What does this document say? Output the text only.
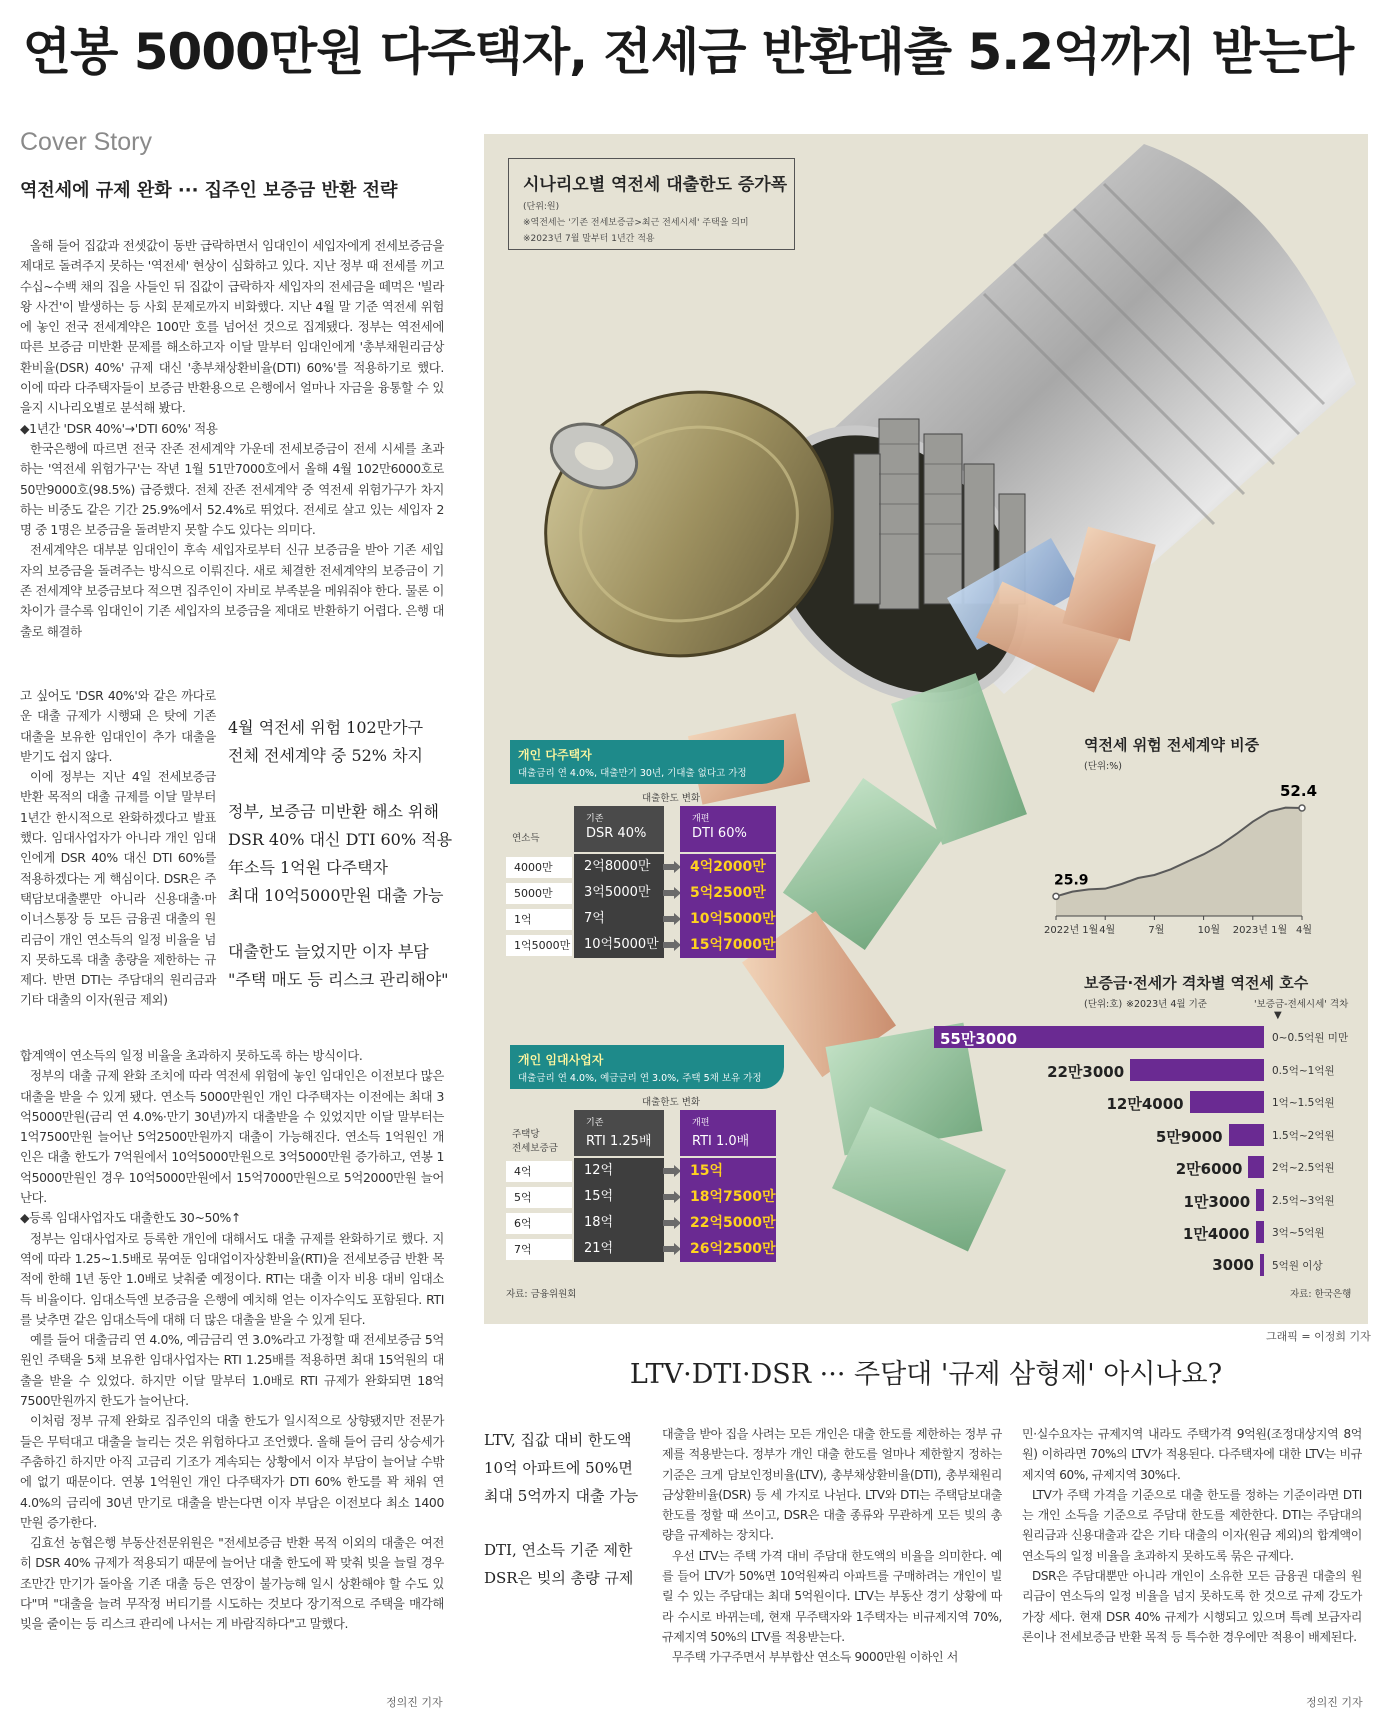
연봉 5000만원 다주택자, 전세금 반환대출 5.2억까지 받는다
Cover Story
역전세에 규제 완화 ··· 집주인 보증금 반환 전략

올해 들어 집값과 전셋값이 동반 급락하면서 임대인이 세입자에게 전세보증금을 제대로 돌려주지 못하는 '역전세' 현상이 심화하고 있다. 지난 정부 때 전세를 끼고 수십~수백 채의 집을 사들인 뒤 집값이 급락하자 세입자의 전세금을 떼먹은 '빌라왕 사건'이 발생하는 등 사회 문제로까지 비화했다. 지난 4월 말 기준 역전세 위험에 놓인 전국 전세계약은 100만 호를 넘어선 것으로 집계됐다. 정부는 역전세에 따른 보증금 미반환 문제를 해소하고자 이달 말부터 임대인에게 '총부채원리금상환비율(DSR) 40%' 규제 대신 '총부채상환비율(DTI) 60%'를 적용하기로 했다. 이에 따라 다주택자들이 보증금 반환용으로 은행에서 얼마나 자금을 융통할 수 있을지 시나리오별로 분석해 봤다.

◆1년간 'DSR 40%'→'DTI 60%' 적용

한국은행에 따르면 전국 잔존 전세계약 가운데 전세보증금이 전세 시세를 초과하는 '역전세 위험가구'는 작년 1월 51만7000호에서 올해 4월 102만6000호로 50만9000호(98.5%) 급증했다. 전체 잔존 전세계약 중 역전세 위험가구가 차지하는 비중도 같은 기간 25.9%에서 52.4%로 뛰었다. 전세로 살고 있는 세입자 2명 중 1명은 보증금을 돌려받지 못할 수도 있다는 의미다.

전세계약은 대부분 임대인이 후속 세입자로부터 신규 보증금을 받아 기존 세입자의 보증금을 돌려주는 방식으로 이뤄진다. 새로 체결한 전세계약의 보증금이 기존 전세계약 보증금보다 적으면 집주인이 자비로 부족분을 메워줘야 한다. 물론 이 차이가 클수록 임대인이 기존 세입자의 보증금을 제대로 반환하기 어렵다. 은행 대출로 해결하

고 싶어도 'DSR 40%'와 같은 까다로운 대출 규제가 시행돼 은 탓에 기존 대출을 보유한 임대인이 추가 대출을 받기도 쉽지 않다.

이에 정부는 지난 4일 전세보증금 반환 목적의 대출 규제를 이달 말부터 1년간 한시적으로 완화하겠다고 발표했다. 임대사업자가 아니라 개인 임대인에게 DSR 40% 대신 DTI 60%를 적용하겠다는 게 핵심이다. DSR은 주택담보대출뿐만 아니라 신용대출·마이너스통장 등 모든 금융권 대출의 원리금이 개인 연소득의 일정 비율을 넘지 못하도록 대출 총량을 제한하는 규제다. 반면 DTI는 주담대의 원리금과 기타 대출의 이자(원금 제외)

4월 역전세 위험 102만가구
전체 전세계약 중 52% 차지
정부, 보증금 미반환 해소 위해
DSR 40% 대신 DTI 60% 적용
年소득 1억원 다주택자
최대 10억5000만원 대출 가능
대출한도 늘었지만 이자 부담
"주택 매도 등 리스크 관리해야"

합계액이 연소득의 일정 비율을 초과하지 못하도록 하는 방식이다.

정부의 대출 규제 완화 조치에 따라 역전세 위험에 놓인 임대인은 이전보다 많은 대출을 받을 수 있게 됐다. 연소득 5000만원인 개인 다주택자는 이전에는 최대 3억5000만원(금리 연 4.0%·만기 30년)까지 대출받을 수 있었지만 이달 말부터는 1억7500만원 늘어난 5억2500만원까지 대출이 가능해진다. 연소득 1억원인 개인은 대출 한도가 7억원에서 10억5000만원으로 3억5000만원 증가하고, 연봉 1억5000만원인 경우 10억5000만원에서 15억7000만원으로 5억2000만원 늘어난다.

◆등록 임대사업자도 대출한도 30~50%↑

정부는 임대사업자로 등록한 개인에 대해서도 대출 규제를 완화하기로 했다. 지역에 따라 1.25~1.5배로 묶여둔 임대업이자상환비율(RTI)을 전세보증금 반환 목적에 한해 1년 동안 1.0배로 낮춰줄 예정이다. RTI는 대출 이자 비용 대비 임대소득 비율이다. 임대소득엔 보증금을 은행에 예치해 얻는 이자수익도 포함된다. RTI를 낮추면 같은 임대소득에 대해 더 많은 대출을 받을 수 있게 된다.

예를 들어 대출금리 연 4.0%, 예금금리 연 3.0%라고 가정할 때 전세보증금 5억원인 주택을 5채 보유한 임대사업자는 RTI 1.25배를 적용하면 최대 15억원의 대출을 받을 수 있었다. 하지만 이달 말부터 1.0배로 RTI 규제가 완화되면 18억7500만원까지 한도가 늘어난다.

이처럼 정부 규제 완화로 집주인의 대출 한도가 일시적으로 상향됐지만 전문가들은 무턱대고 대출을 늘리는 것은 위험하다고 조언했다. 올해 들어 금리 상승세가 주춤하긴 하지만 아직 고금리 기조가 계속되는 상황에서 이자 부담이 늘어날 수밖에 없기 때문이다. 연봉 1억원인 개인 다주택자가 DTI 60% 한도를 꽉 채워 연 4.0%의 금리에 30년 만기로 대출을 받는다면 이자 부담은 이전보다 최소 1400만원 증가한다.

김효선 농협은행 부동산전문위원은 "전세보증금 반환 목적 이외의 대출은 여전히 DSR 40% 규제가 적용되기 때문에 늘어난 대출 한도에 꽉 맞춰 빚을 늘릴 경우 조만간 만기가 돌아올 기존 대출 등은 연장이 불가능해 일시 상환해야 할 수도 있다"며 "대출을 늘려 무작정 버티기를 시도하는 것보다 장기적으로 주택을 매각해 빚을 줄이는 등 리스크 관리에 나서는 게 바람직하다"고 말했다.

정의진 기자
시나리오별 역전세 대출한도 증가폭
(단위:원)
※역전세는 '기존 전세보증금>최근 전세시세' 주택을 의미
※2023년 7월 말부터 1년간 적용
개인 다주택자
대출금리 연 4.0%, 대출만기 30년, 기대출 없다고 가정
대출한도 변화
연소득
기존
DSR 40%
개편
DTI 60%
4000만	2억8000만	4억2000만
5000만	3억5000만	5억2500만
1억	7억	10억5000만
1억5000만	10억5000만	15억7000만
개인 임대사업자
대출금리 연 4.0%, 예금금리 연 3.0%, 주택 5채 보유 가정
대출한도 변화
주택당
전세보증금
기존
RTI 1.25배
개편
RTI 1.0배
4억	12억	15억
5억	15억	18억7500만
6억	18억	22억5000만
7억	21억	26억2500만
자료: 금융위원회
역전세 위험 전세계약 비중
(단위:%)
25.9
52.4
2022년 1월 4월	7월	10월 2023년 1월 4월
보증금·전세가 격차별 역전세 호수
(단위:호) ※2023년 4월 기준	'보증금-전세시세' 격차
▼
55만3000	0~0.5억원 미만
22만3000	0.5억~1억원
12만4000	1억~1.5억원
5만9000	1.5억~2억원
2만6000	2억~2.5억원
1만3000 2.5억~3억원
1만4000 3억~5억원
3000 5억원 이상
자료: 한국은행
그래픽 = 이정희 기자
LTV·DTI·DSR ··· 주담대 '규제 삼형제' 아시나요?
LTV, 집값 대비 한도액
10억 아파트에 50%면
최대 5억까지 대출 가능
DTI, 연소득 기준 제한
DSR은 빚의 총량 규제

대출을 받아 집을 사려는 모든 개인은 대출 한도를 제한하는 정부 규제를 적용받는다. 정부가 개인 대출 한도를 얼마나 제한할지 정하는 기준은 크게 담보인정비율(LTV), 총부채상환비율(DTI), 총부채원리금상환비율(DSR) 등 세 가지로 나뉜다. LTV와 DTI는 주택담보대출 한도를 정할 때 쓰이고, DSR은 대출 종류와 무관하게 모든 빚의 총량을 규제하는 장치다.

우선 LTV는 주택 가격 대비 주담대 한도액의 비율을 의미한다. 예를 들어 LTV가 50%면 10억원짜리 아파트를 구매하려는 개인이 빌릴 수 있는 주담대는 최대 5억원이다. LTV는 부동산 경기 상황에 따라 수시로 바뀌는데, 현재 무주택자와 1주택자는 비규제지역 70%, 규제지역 50%의 LTV를 적용받는다.

무주택 가구주면서 부부합산 연소득 9000만원 이하인 서

민·실수요자는 규제지역 내라도 주택가격 9억원(조정대상지역 8억원) 이하라면 70%의 LTV가 적용된다. 다주택자에 대한 LTV는 비규제지역 60%, 규제지역 30%다.

LTV가 주택 가격을 기준으로 대출 한도를 정하는 기준이라면 DTI는 개인 소득을 기준으로 주담대 한도를 제한한다. DTI는 주담대의 원리금과 신용대출과 같은 기타 대출의 이자(원금 제외)의 합계액이 연소득의 일정 비율을 초과하지 못하도록 묶은 규제다.

DSR은 주담대뿐만 아니라 개인이 소유한 모든 금융권 대출의 원리금이 연소득의 일정 비율을 넘지 못하도록 한 것으로 규제 강도가 가장 세다. 현재 DSR 40% 규제가 시행되고 있으며 특례 보금자리론이나 전세보증금 반환 목적 등 특수한 경우에만 적용이 배제된다.

정의진 기자
